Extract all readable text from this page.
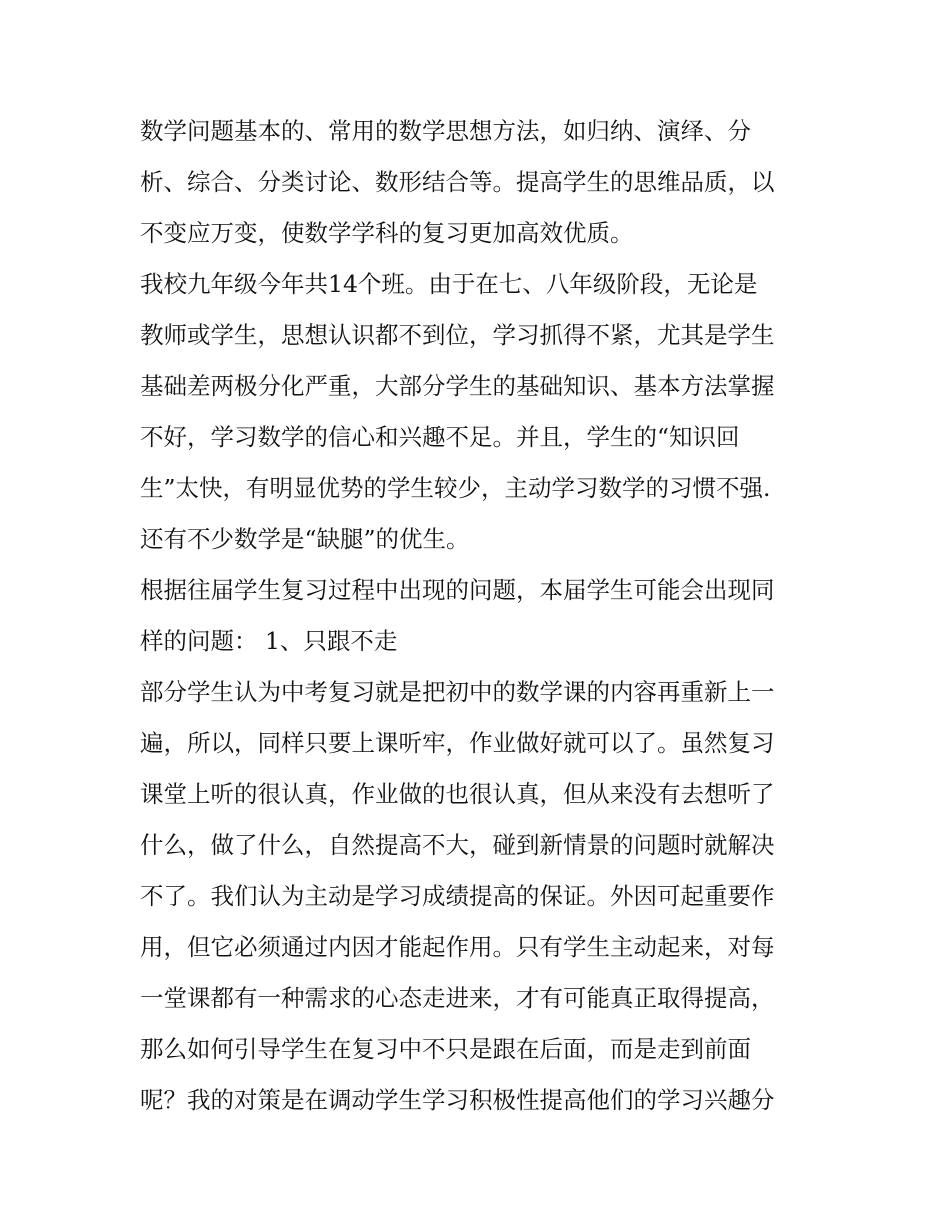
数学问题基本的、常用的数学思想方法，如归纳、演绎、分
析、综合、分类讨论、数形结合等。提高学生的思维品质，以
不变应万变，使数学学科的复习更加高效优质。
我校九年级今年共14个班。由于在七、八年级阶段，无论是
教师或学生，思想认识都不到位，学习抓得不紧，尤其是学生
基础差两极分化严重，大部分学生的基础知识、基本方法掌握
不好，学习数学的信心和兴趣不足。并且，学生的“知识回
生”太快，有明显优势的学生较少，主动学习数学的习惯不强.
还有不少数学是“缺腿”的优生。
根据往届学生复习过程中出现的问题，本届学生可能会出现同
样的问题： 1、只跟不走
部分学生认为中考复习就是把初中的数学课的内容再重新上一
遍，所以，同样只要上课听牢，作业做好就可以了。虽然复习
课堂上听的很认真，作业做的也很认真，但从来没有去想听了
什么，做了什么，自然提高不大，碰到新情景的问题时就解决
不了。我们认为主动是学习成绩提高的保证。外因可起重要作
用，但它必须通过内因才能起作用。只有学生主动起来，对每
一堂课都有一种需求的心态走进来，才有可能真正取得提高，
那么如何引导学生在复习中不只是跟在后面，而是走到前面
呢？我的对策是在调动学生学习积极性提高他们的学习兴趣分
